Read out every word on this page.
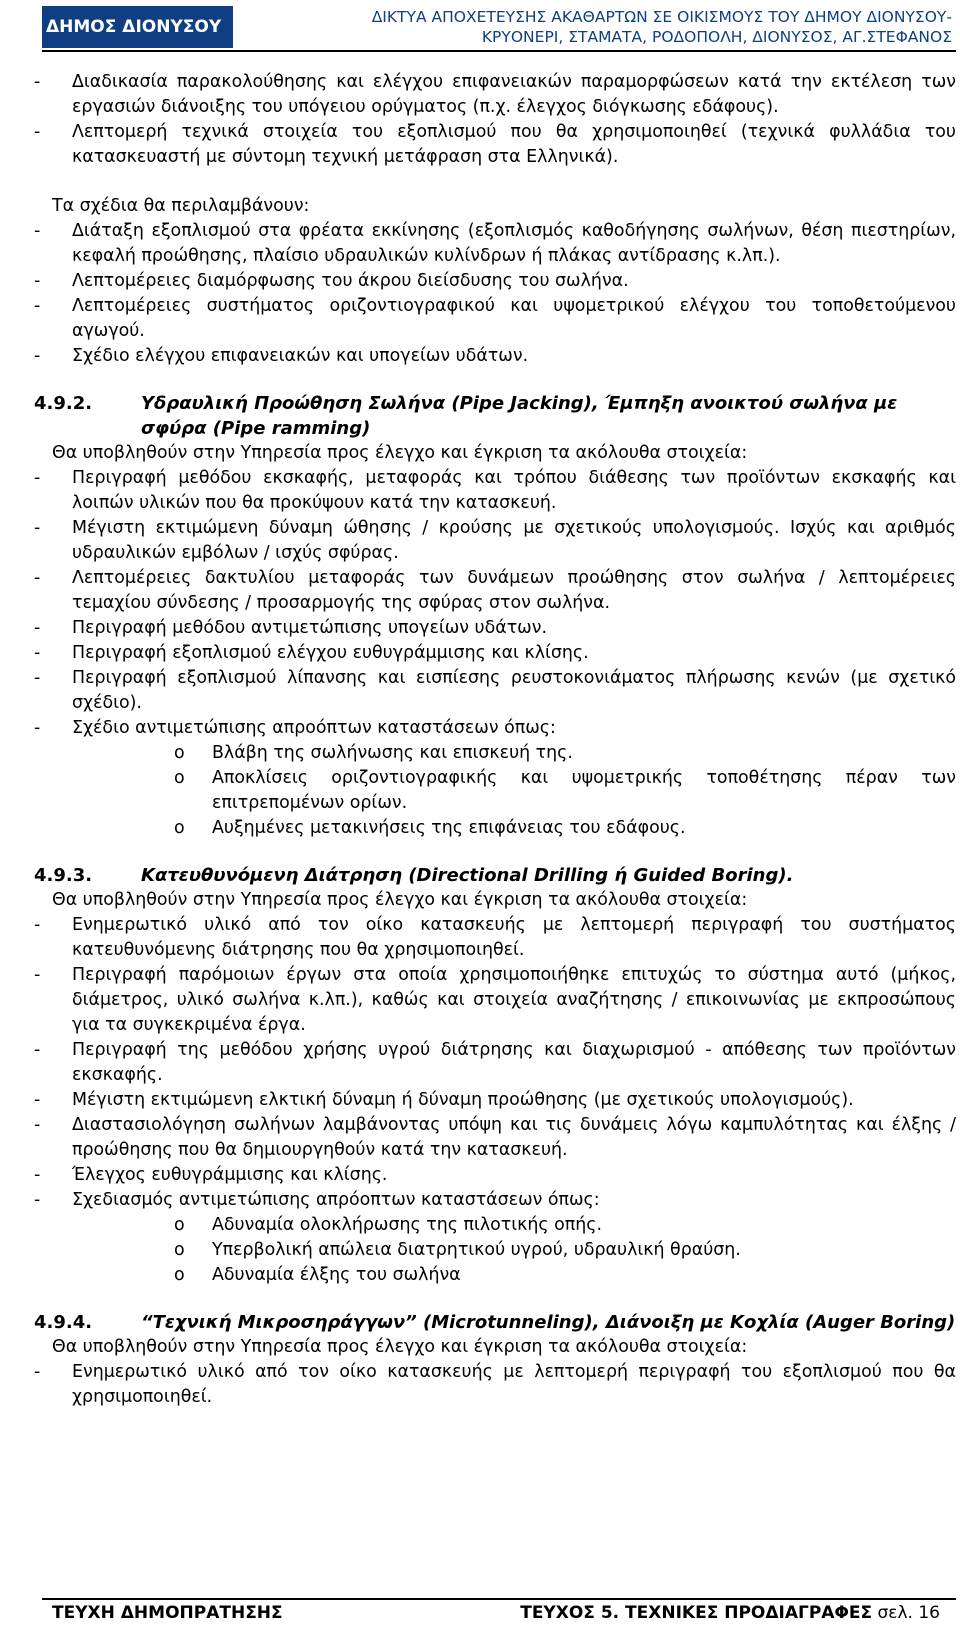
ΔΗΜΟΣ ΔΙΟΝΥΣΟΥ	ΔΙΚΤΥΑ ΑΠΟΧΕΤΕΥΣΗΣ ΑΚΑΘΑΡΤΩΝ ΣΕ ΟΙΚΙΣΜΟΥΣ ΤΟΥ ΔΗΜΟΥ ΔΙΟΝΥΣΟΥ-
ΚΡΥΟΝΕΡΙ, ΣΤΑΜΑΤΑ, ΡΟΔΟΠΟΛΗ, ΔΙΟΝΥΣΟΣ, ΑΓ.ΣΤΕΦΑΝΟΣ
- Διαδικασία παρακολούθησης και ελέγχου επιφανειακών παραμορφώσεων κατά την εκτέλεση των εργασιών διάνοιξης του υπόγειου ορύγματος (π.χ. έλεγχος διόγκωσης εδάφους).
- Λεπτομερή τεχνικά στοιχεία του εξοπλισμού που θα χρησιμοποιηθεί (τεχνικά φυλλάδια του κατασκευαστή με σύντομη τεχνική μετάφραση στα Ελληνικά).
Τα σχέδια θα περιλαμβάνουν:
- Διάταξη εξοπλισμού στα φρέατα εκκίνησης (εξοπλισμός καθοδήγησης σωλήνων, θέση πιεστηρίων, κεφαλή προώθησης, πλαίσιο υδραυλικών κυλίνδρων ή πλάκας αντίδρασης κ.λπ.).
- Λεπτομέρειες διαμόρφωσης του άκρου διείσδυσης του σωλήνα.
- Λεπτομέρειες συστήματος οριζοντιογραφικού και υψομετρικού ελέγχου του τοποθετούμενου αγωγού.
- Σχέδιο ελέγχου επιφανειακών και υπογείων υδάτων.
4.9.2.	Υδραυλική Προώθηση Σωλήνα (Pipe Jacking), Έμπηξη ανοικτού σωλήνα με σφύρα (Pipe ramming)
Θα υποβληθούν στην Υπηρεσία προς έλεγχο και έγκριση τα ακόλουθα στοιχεία:
- Περιγραφή μεθόδου εκσκαφής, μεταφοράς και τρόπου διάθεσης των προϊόντων εκσκαφής και λοιπών υλικών που θα προκύψουν κατά την κατασκευή.
- Μέγιστη εκτιμώμενη δύναμη ώθησης / κρούσης με σχετικούς υπολογισμούς. Ισχύς και αριθμός υδραυλικών εμβόλων / ισχύς σφύρας.
- Λεπτομέρειες δακτυλίου μεταφοράς των δυνάμεων προώθησης στον σωλήνα / λεπτομέρειες τεμαχίου σύνδεσης / προσαρμογής της σφύρας στον σωλήνα.
- Περιγραφή μεθόδου αντιμετώπισης υπογείων υδάτων.
- Περιγραφή εξοπλισμού ελέγχου ευθυγράμμισης και κλίσης.
- Περιγραφή εξοπλισμού λίπανσης και εισπίεσης ρευστοκονιάματος πλήρωσης κενών (με σχετικό σχέδιο).
- Σχέδιο αντιμετώπισης απροόπτων καταστάσεων όπως:
o Βλάβη της σωλήνωσης και επισκευή της.
o Αποκλίσεις οριζοντιογραφικής και υψομετρικής τοποθέτησης πέραν των επιτρεπομένων ορίων.
o Αυξημένες μετακινήσεις της επιφάνειας του εδάφους.
4.9.3.	Κατευθυνόμενη Διάτρηση (Directional Drilling ή Guided Boring).
Θα υποβληθούν στην Υπηρεσία προς έλεγχο και έγκριση τα ακόλουθα στοιχεία:
- Ενημερωτικό υλικό από τον οίκο κατασκευής με λεπτομερή περιγραφή του συστήματος κατευθυνόμενης διάτρησης που θα χρησιμοποιηθεί.
- Περιγραφή παρόμοιων έργων στα οποία χρησιμοποιήθηκε επιτυχώς το σύστημα αυτό (μήκος, διάμετρος, υλικό σωλήνα κ.λπ.), καθώς και στοιχεία αναζήτησης / επικοινωνίας με εκπροσώπους για τα συγκεκριμένα έργα.
- Περιγραφή της μεθόδου χρήσης υγρού διάτρησης και διαχωρισμού - απόθεσης των προϊόντων εκσκαφής.
- Μέγιστη εκτιμώμενη ελκτική δύναμη ή δύναμη προώθησης (με σχετικούς υπολογισμούς).
- Διαστασιολόγηση σωλήνων λαμβάνοντας υπόψη και τις δυνάμεις λόγω καμπυλότητας και έλξης /προώθησης που θα δημιουργηθούν κατά την κατασκευή.
- Έλεγχος ευθυγράμμισης και κλίσης.
- Σχεδιασμός αντιμετώπισης απρόοπτων καταστάσεων όπως:
o Αδυναμία ολοκλήρωσης της πιλοτικής οπής.
o Υπερβολική απώλεια διατρητικού υγρού, υδραυλική θραύση.
o Αδυναμία έλξης του σωλήνα
4.9.4.	“Τεχνική Μικροσηράγγων” (Microtunneling), Διάνοιξη με Κοχλία (Auger Boring)
Θα υποβληθούν στην Υπηρεσία προς έλεγχο και έγκριση τα ακόλουθα στοιχεία:
- Ενημερωτικό υλικό από τον οίκο κατασκευής με λεπτομερή περιγραφή του εξοπλισμού που θα χρησιμοποιηθεί.
ΤΕΥΧΗ ΔΗΜΟΠΡΑΤΗΣΗΣ	ΤΕΥΧΟΣ 5. ΤΕΧΝΙΚΕΣ ΠΡΟΔΙΑΓΡΑΦΕΣ σελ. 16
